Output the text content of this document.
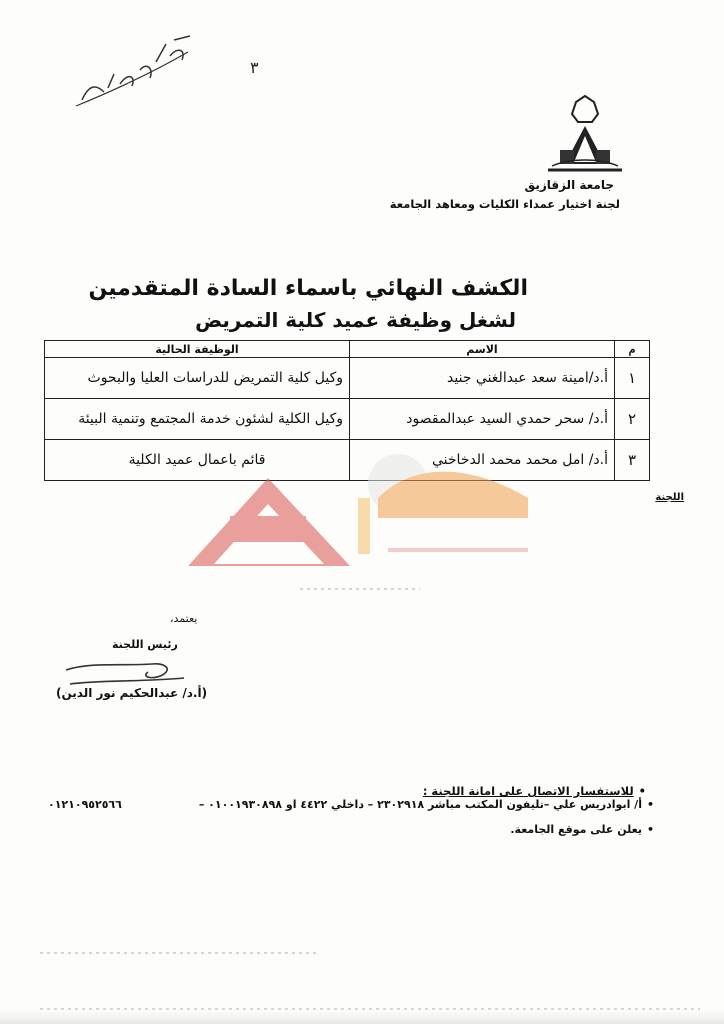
٣
جامعة الزقازيق
لجنة اختيار عمداء الكليات ومعاهد الجامعة
الكشف النهائي باسماء السادة المتقدمين
لشغل وظيفة عميد كلية التمريض
م	الاسم	الوظيفة الحالية
١	أ.د/امينة سعد عبدالغني جنيد	وكيل كلية التمريض للدراسات العليا والبحوث
٢	أ.د/ سحر حمدي السيد عبدالمقصود	وكيل الكلية لشئون خدمة المجتمع وتنمية البيئة
٣	أ.د/ امل محمد محمد الدخاخني	قائم باعمال عميد الكلية
اللجنة
يعتمد،
رئيس اللجنة
(أ.د/ عبدالحكيم نور الدين)
•للاستفسار الاتصال على امانة اللجنة :
•أ/ ابوادريس علي –تليفون المكتب مباشر ٢٣٠٢٩١٨ – داخلي ٤٤٢٢ او ٠١٠٠١٩٣٠٨٩٨ –
٠١٢١٠٩٥٢٥٦٦
•يعلن على موقع الجامعة.
